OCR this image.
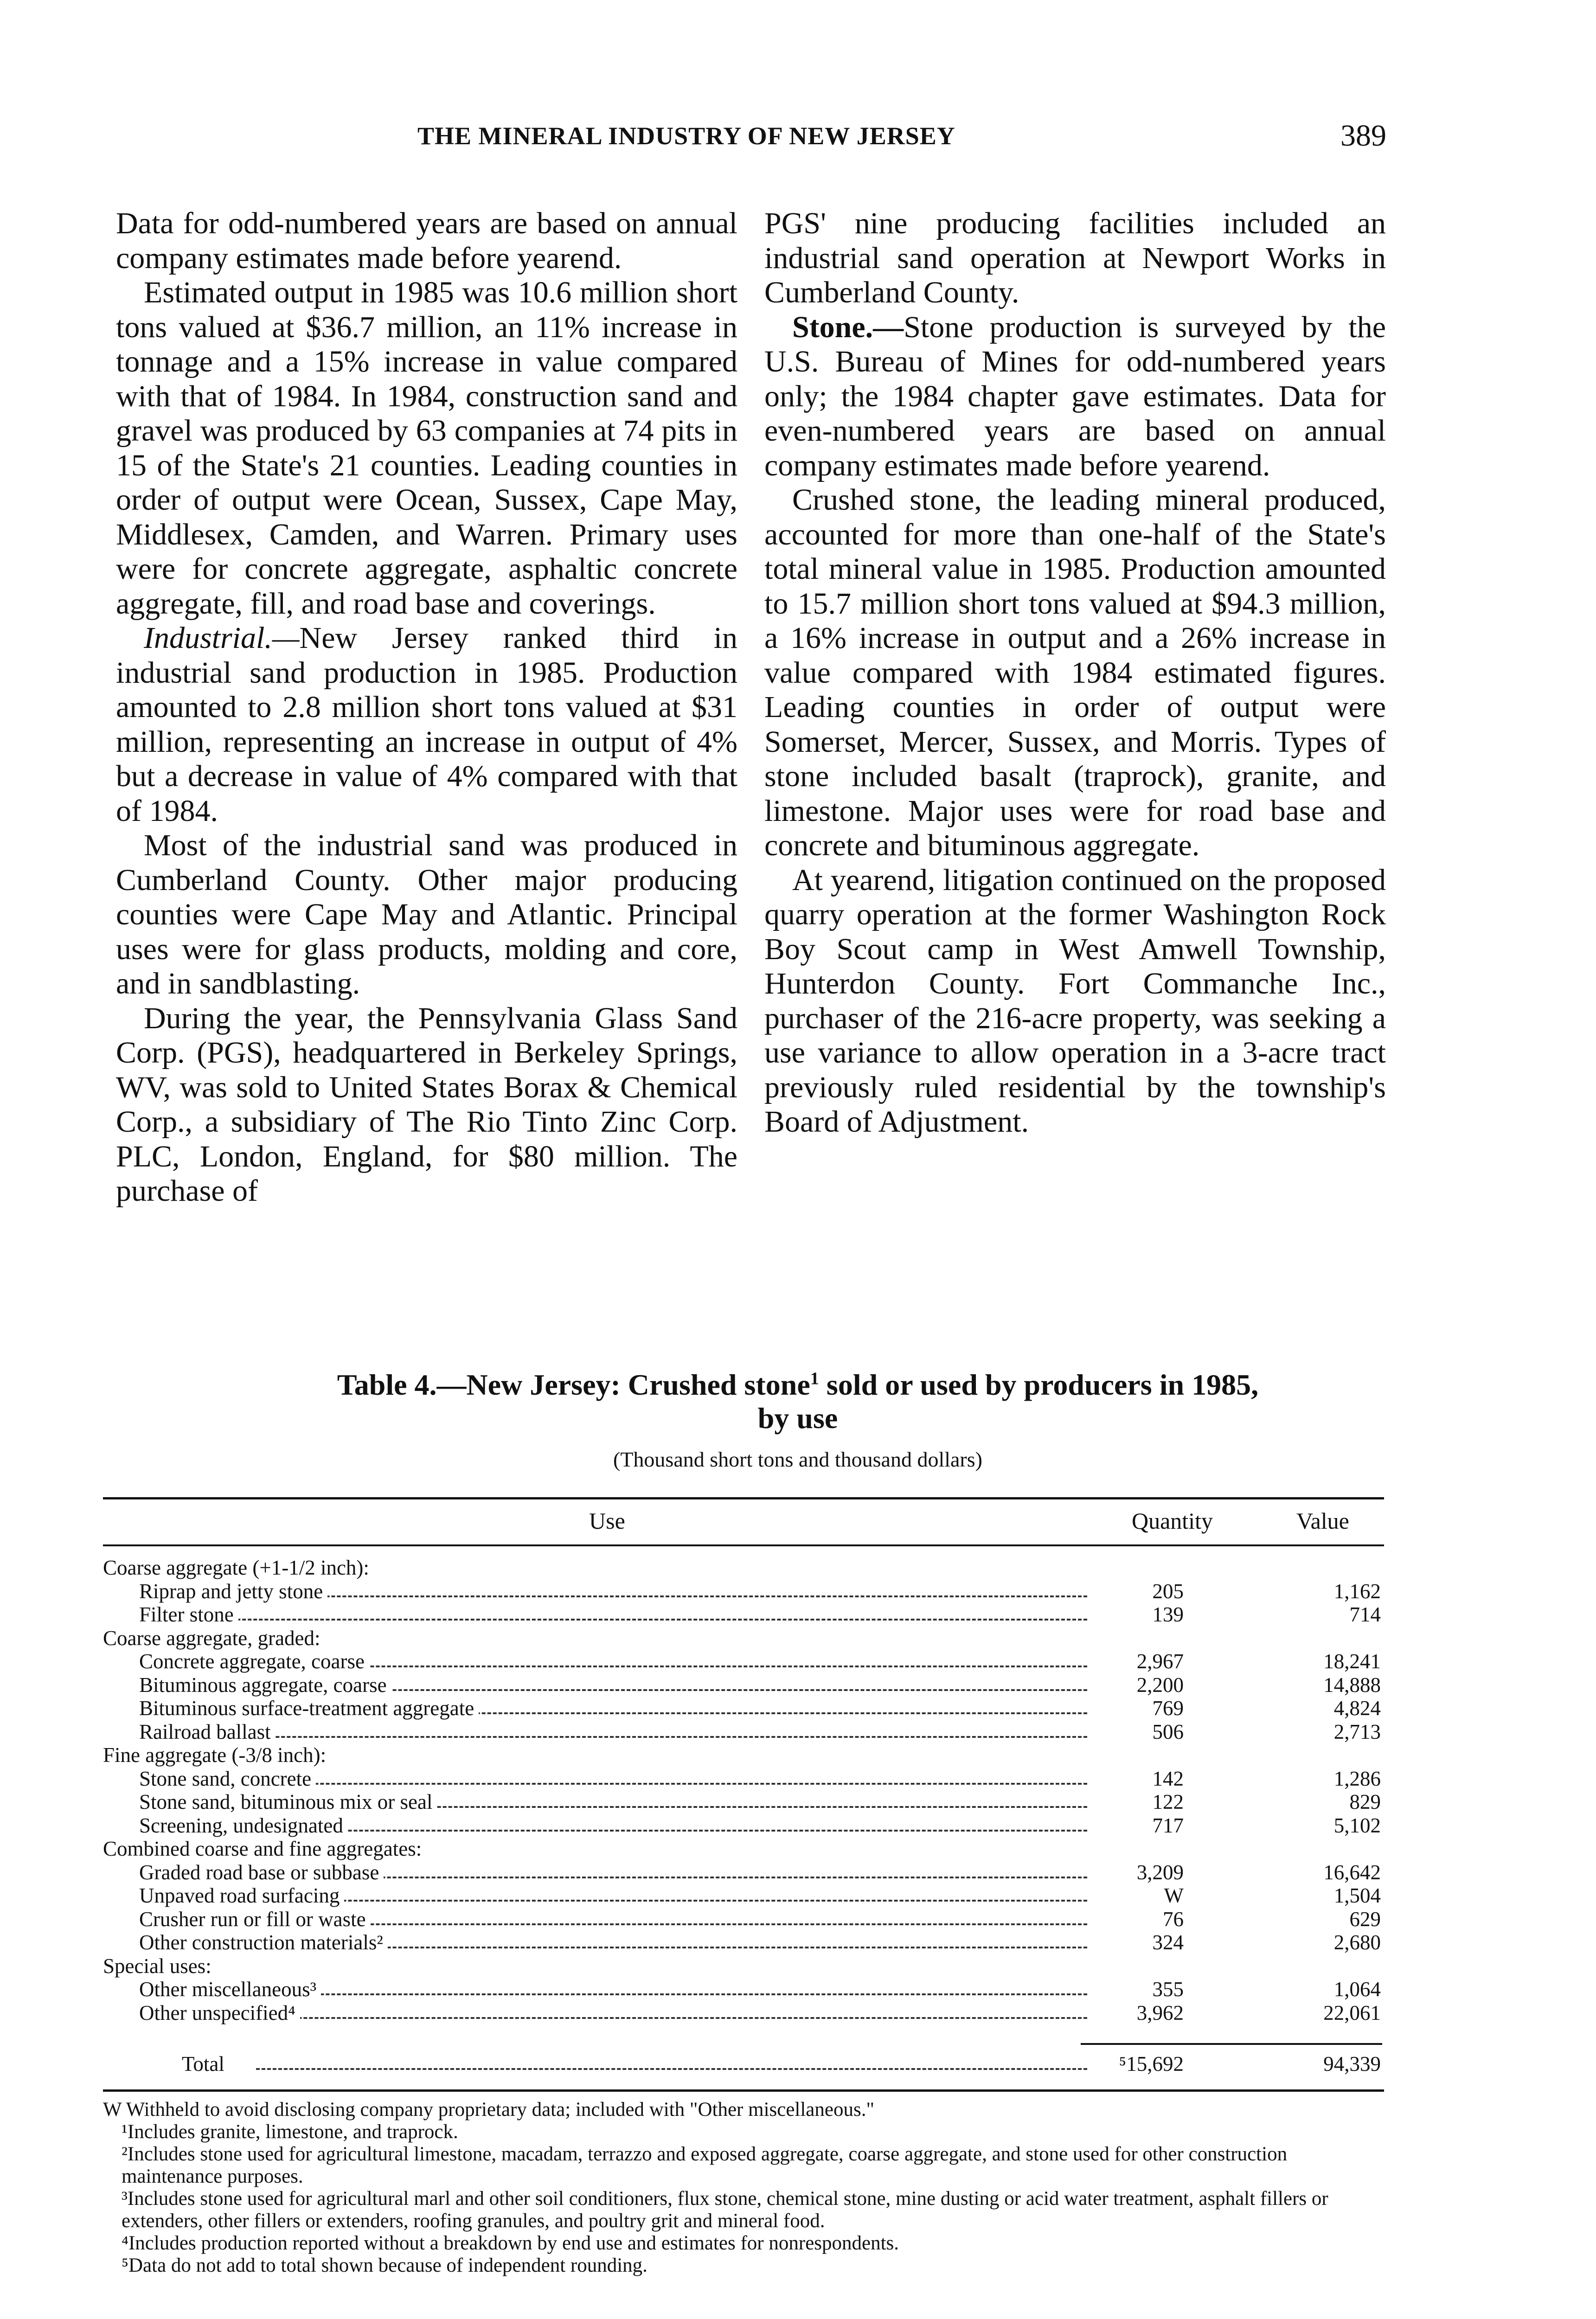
THE MINERAL INDUSTRY OF NEW JERSEY	389

Data for odd-numbered years are based on annual company estimates made before yearend.

Estimated output in 1985 was 10.6 million short tons valued at $36.7 million, an 11% increase in tonnage and a 15% increase in value compared with that of 1984. In 1984, construction sand and gravel was produced by 63 companies at 74 pits in 15 of the State's 21 counties. Leading counties in order of output were Ocean, Sussex, Cape May, Middlesex, Camden, and Warren. Primary uses were for concrete aggregate, asphaltic concrete aggregate, fill, and road base and coverings.

Industrial.—New Jersey ranked third in industrial sand production in 1985. Production amounted to 2.8 million short tons valued at $31 million, representing an increase in output of 4% but a decrease in value of 4% compared with that of 1984.

Most of the industrial sand was produced in Cumberland County. Other major producing counties were Cape May and Atlantic. Principal uses were for glass products, molding and core, and in sandblasting.

During the year, the Pennsylvania Glass Sand Corp. (PGS), headquartered in Berkeley Springs, WV, was sold to United States Borax & Chemical Corp., a subsidiary of The Rio Tinto Zinc Corp. PLC, London, England, for $80 million. The purchase of

PGS' nine producing facilities included an industrial sand operation at Newport Works in Cumberland County.

Stone.—Stone production is surveyed by the U.S. Bureau of Mines for odd-numbered years only; the 1984 chapter gave estimates. Data for even-numbered years are based on annual company estimates made before yearend.

Crushed stone, the leading mineral produced, accounted for more than one-half of the State's total mineral value in 1985. Production amounted to 15.7 million short tons valued at $94.3 million, a 16% increase in output and a 26% increase in value compared with 1984 estimated figures. Leading counties in order of output were Somerset, Mercer, Sussex, and Morris. Types of stone included basalt (traprock), granite, and limestone. Major uses were for road base and concrete and bituminous aggregate.

At yearend, litigation continued on the proposed quarry operation at the former Washington Rock Boy Scout camp in West Amwell Township, Hunterdon County. Fort Commanche Inc., purchaser of the 216-acre property, was seeking a use variance to allow operation in a 3-acre tract previously ruled residential by the township's Board of Adjustment.

Table 4.—New Jersey: Crushed stone$^1$ sold or used by producers in 1985,
by use
(Thousand short tons and thousand dollars)
Use	Quantity	Value
Coarse aggregate (+1-1/2 inch):
Riprap and jetty stone	205	1,162
Filter stone	139	714
Coarse aggregate, graded:
Concrete aggregate, coarse	2,967	18,241
Bituminous aggregate, coarse	2,200	14,888
Bituminous surface-treatment aggregate	769	4,824
Railroad ballast	506	2,713
Fine aggregate (-3/8 inch):
Stone sand, concrete	142	1,286
Stone sand, bituminous mix or seal	122	829
Screening, undesignated	717	5,102
Combined coarse and fine aggregates:
Graded road base or subbase	3,209	16,642
Unpaved road surfacing	W	1,504
Crusher run or fill or waste	76	629
Other construction materials²	324	2,680
Special uses:
Other miscellaneous³	355	1,064
Other unspecified⁴	3,962	22,061
Total	⁵15,692	94,339
W Withheld to avoid disclosing company proprietary data; included with "Other miscellaneous."
¹Includes granite, limestone, and traprock.
²Includes stone used for agricultural limestone, macadam, terrazzo and exposed aggregate, coarse aggregate, and stone used for other construction maintenance purposes.
³Includes stone used for agricultural marl and other soil conditioners, flux stone, chemical stone, mine dusting or acid water treatment, asphalt fillers or extenders, other fillers or extenders, roofing granules, and poultry grit and mineral food.
⁴Includes production reported without a breakdown by end use and estimates for nonrespondents.
⁵Data do not add to total shown because of independent rounding.
